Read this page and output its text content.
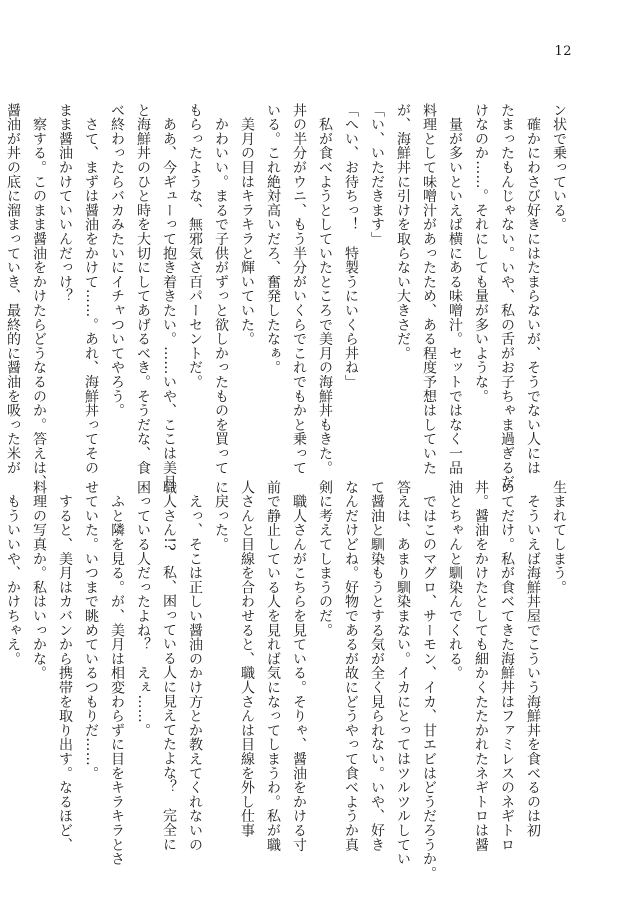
12
ン状で乗っている。
　確かにわさび好きにはたまらないが、そうでない人には
たまったもんじゃない。いや、私の舌がお子ちゃま過ぎるだ
けなのか……。それにしても量が多いような。
　量が多いといえば横にある味噌汁。セットではなく一品
料理として味噌汁があったため、ある程度予想はしていた
が、海鮮丼に引けを取らない大きさだ。
「い、いただきます」
「へい、お待ちっ！　特製うにいくら丼ね」
　私が食べようとしていたところで美月の海鮮丼もきた。
丼の半分がウニ、もう半分がいくらでこれでもかと乗って
いる。これ絶対高いだろ、奮発したなぁ。
　美月の目はキラキラと輝いていた。
　かわいい。まるで子供がずっと欲しかったものを買って
もらったような、無邪気さ百パーセントだ。
　ああ、今ギューって抱き着きたい。……いや、ここは美月
と海鮮丼のひと時を大切にしてあげるべき。そうだな、食
べ終わったらバカみたいにイチャついてやろう。
　さて、まずは醤油をかけて……。あれ、海鮮丼ってその
まま醤油かけていいんだっけ？
　察する。このまま醤油をかけたらどうなるのか。答えは、
醤油が丼の底に溜まっていき、最終的に醤油を吸った米が
生まれてしまう。
　そういえば海鮮丼屋でこういう海鮮丼を食べるのは初
めてだけ。私が食べてきた海鮮丼はファミレスのネギトロ
丼。醤油をかけたとしても細かくたたかれたネギトロは醤
油とちゃんと馴染んでくれる。
　ではこのマグロ、サーモン、イカ、甘エビはどうだろうか。
答えは、あまり馴染まない。イカにとってはツルツルしてい
て醤油と馴染もうとする気が全く見られない。いや、好き
なんだけどね。好物であるが故にどうやって食べようか真
剣に考えてしまうのだ。
　職人さんがこちらを見ている。そりゃ、醤油をかける寸
前で静止している人を見れば気になってしまうわ。私が職
人さんと目線を合わせると、職人さんは目線を外し仕事
に戻った。
　えっ、そこは正しい醤油のかけ方とか教えてくれないの
職人さん!?　私、困っている人に見えてたよな？　完全に
困っている人だったよね？　えぇ……。
　ふと隣を見る。が、美月は相変わらずに目をキラキラとさ
せていた。いつまで眺めているつもりだ……。
　すると、美月はカバンから携帯を取り出す。なるほど、
料理の写真か。私はいっかな。
　もういいや、かけちゃえ。
